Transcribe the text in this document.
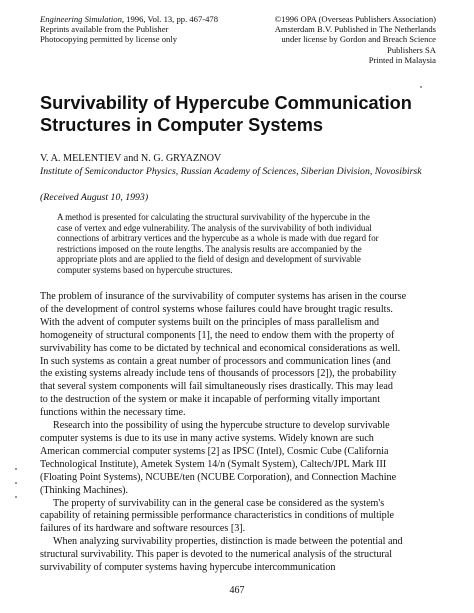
Engineering Simulation, 1996, Vol. 13, pp. 467-478
Reprints available from the Publisher
Photocopying permitted by license only
©1996 OPA (Overseas Publishers Association)
Amsterdam B.V. Published in The Netherlands
under license by Gordon and Breach Science
Publishers SA
Printed in Malaysia
Survivability of Hypercube Communication
Structures in Computer Systems
V. A. MELENTIEV and N. G. GRYAZNOV
Institute of Semiconductor Physics, Russian Academy of Sciences, Siberian Division, Novosibirsk
(Received August 10, 1993)
A method is presented for calculating the structural survivability of the hypercube in the
case of vertex and edge vulnerability. The analysis of the survivability of both individual
connections of arbitrary vertices and the hypercube as a whole is made with due regard for
restrictions imposed on the route lengths. The analysis results are accompanied by the
appropriate plots and are applied to the field of design and development of survivable
computer systems based on hypercube structures.
The problem of insurance of the survivability of computer systems has arisen in the course
of the development of control systems whose failures could have brought tragic results.
With the advent of computer systems built on the principles of mass parallelism and
homogeneity of structural components [1], the need to endow them with the property of
survivability has come to be dictated by technical and economical considerations as well.
In such systems as contain a great number of processors and communication lines (and
the existing systems already include tens of thousands of processors [2]), the probability
that several system components will fail simultaneously rises drastically. This may lead
to the destruction of the system or make it incapable of performing vitally important
functions within the necessary time.
Research into the possibility of using the hypercube structure to develop survivable
computer systems is due to its use in many active systems. Widely known are such
American commercial computer systems [2] as IPSC (Intel), Cosmic Cube (California
Technological Institute), Ametek System 14/n (Symalt System), Caltech/JPL Mark III
(Floating Point Systems), NCUBE/ten (NCUBE Corporation), and Connection Machine
(Thinking Machines).
The property of survivability can in the general case be considered as the system's
capability of retaining permissible performance characteristics in conditions of multiple
failures of its hardware and software resources [3].
When analyzing survivability properties, distinction is made between the potential and
structural survivability. This paper is devoted to the numerical analysis of the structural
survivability of computer systems having hypercube intercommunication
467
